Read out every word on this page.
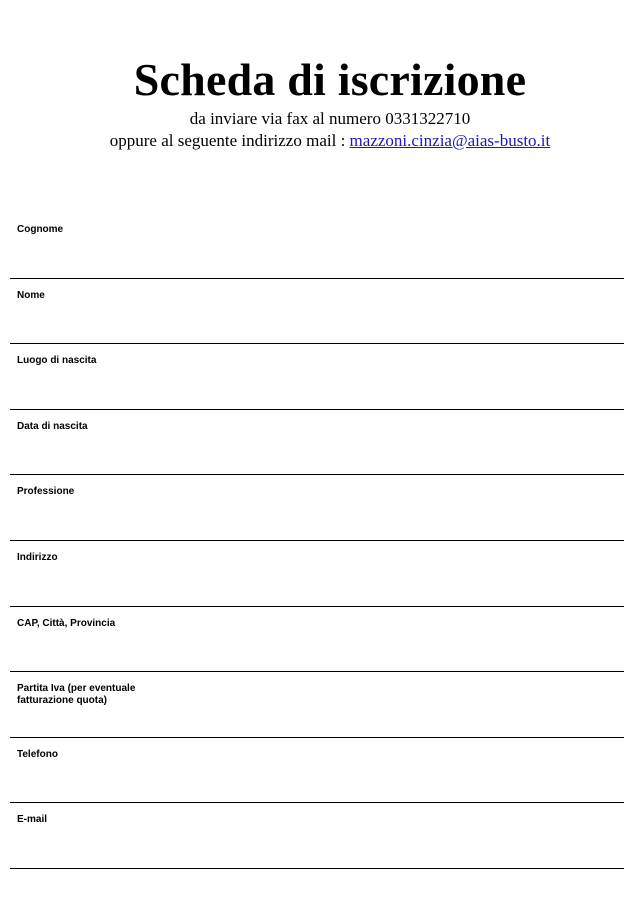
Scheda di iscrizione

da inviare via fax al numero 0331322710

oppure al seguente indirizzo mail : mazzoni.cinzia@aias-busto.it

Cognome
Nome
Luogo di nascita
Data di nascita
Professione
Indirizzo
CAP, Città, Provincia
Partita Iva (per eventuale fatturazione quota)
Telefono
E-mail
